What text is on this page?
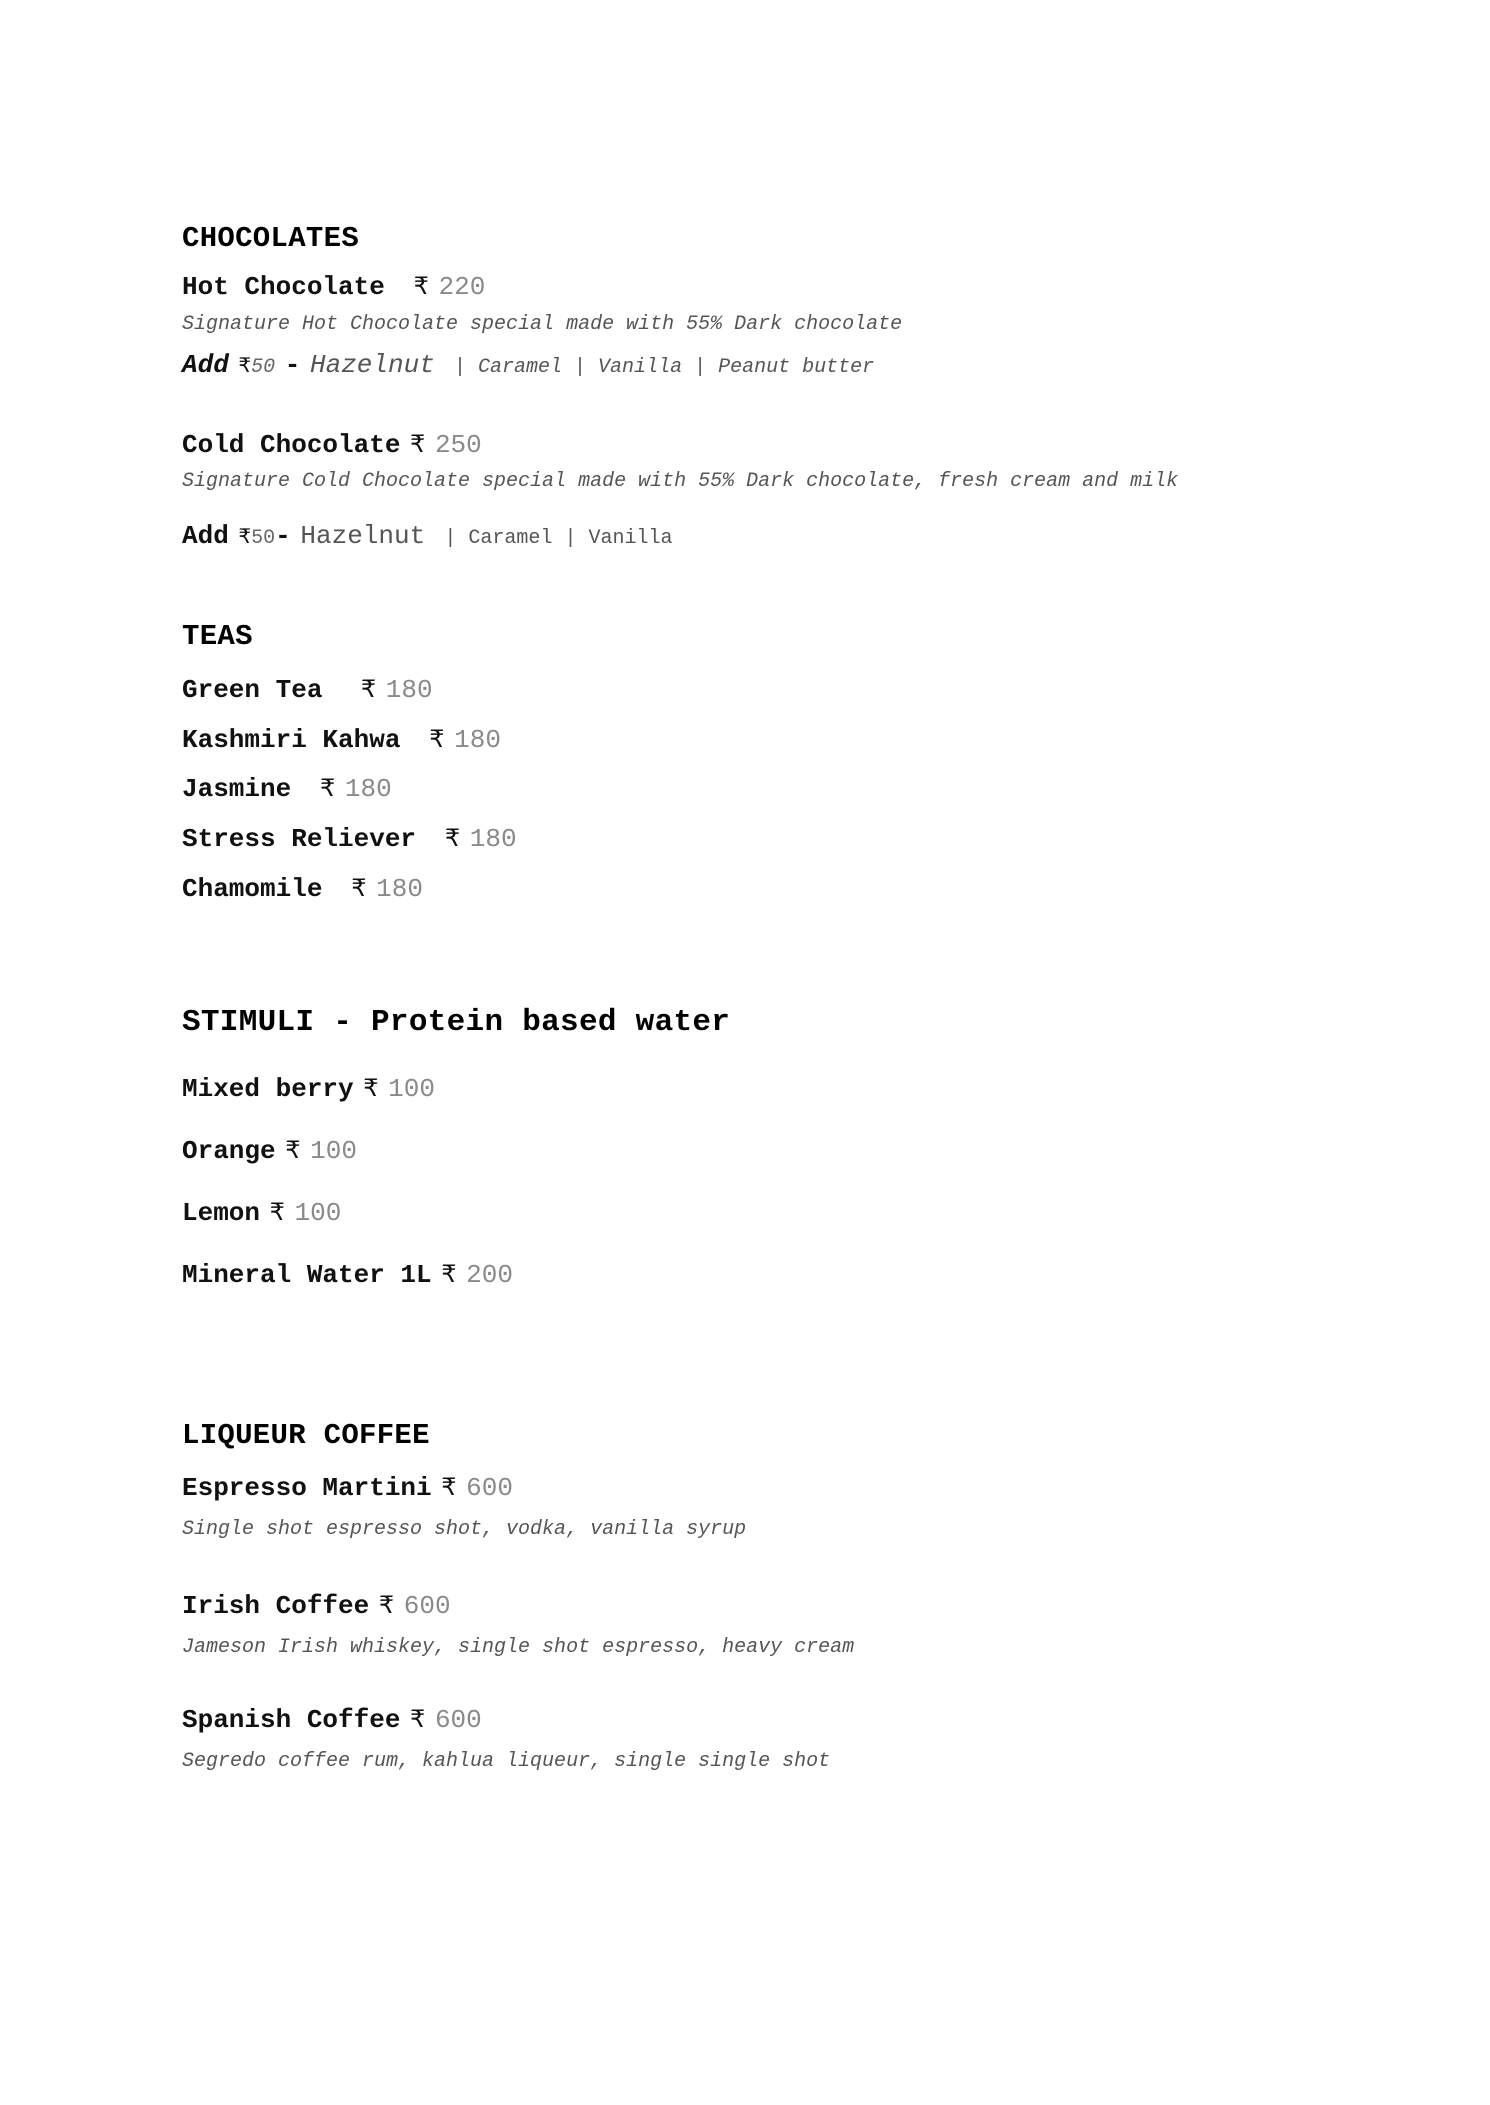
CHOCOLATES
Hot Chocolate ₹ 220
Signature Hot Chocolate special made with 55% Dark chocolate
Add ₹50 - Hazelnut | Caramel | Vanilla | Peanut butter
Cold Chocolate ₹ 250
Signature Cold Chocolate special made with 55% Dark chocolate, fresh cream and milk
Add ₹50- Hazelnut | Caramel | Vanilla
TEAS
Green Tea ₹ 180
Kashmiri Kahwa ₹ 180
Jasmine ₹ 180
Stress Reliever ₹ 180
Chamomile ₹ 180
STIMULI - Protein based water
Mixed berry ₹ 100
Orange ₹ 100
Lemon ₹ 100
Mineral Water 1L ₹ 200
LIQUEUR COFFEE
Espresso Martini ₹ 600
Single shot espresso shot, vodka, vanilla syrup
Irish Coffee ₹ 600
Jameson Irish whiskey, single shot espresso, heavy cream
Spanish Coffee ₹ 600
Segredo coffee rum, kahlua liqueur, single single shot
